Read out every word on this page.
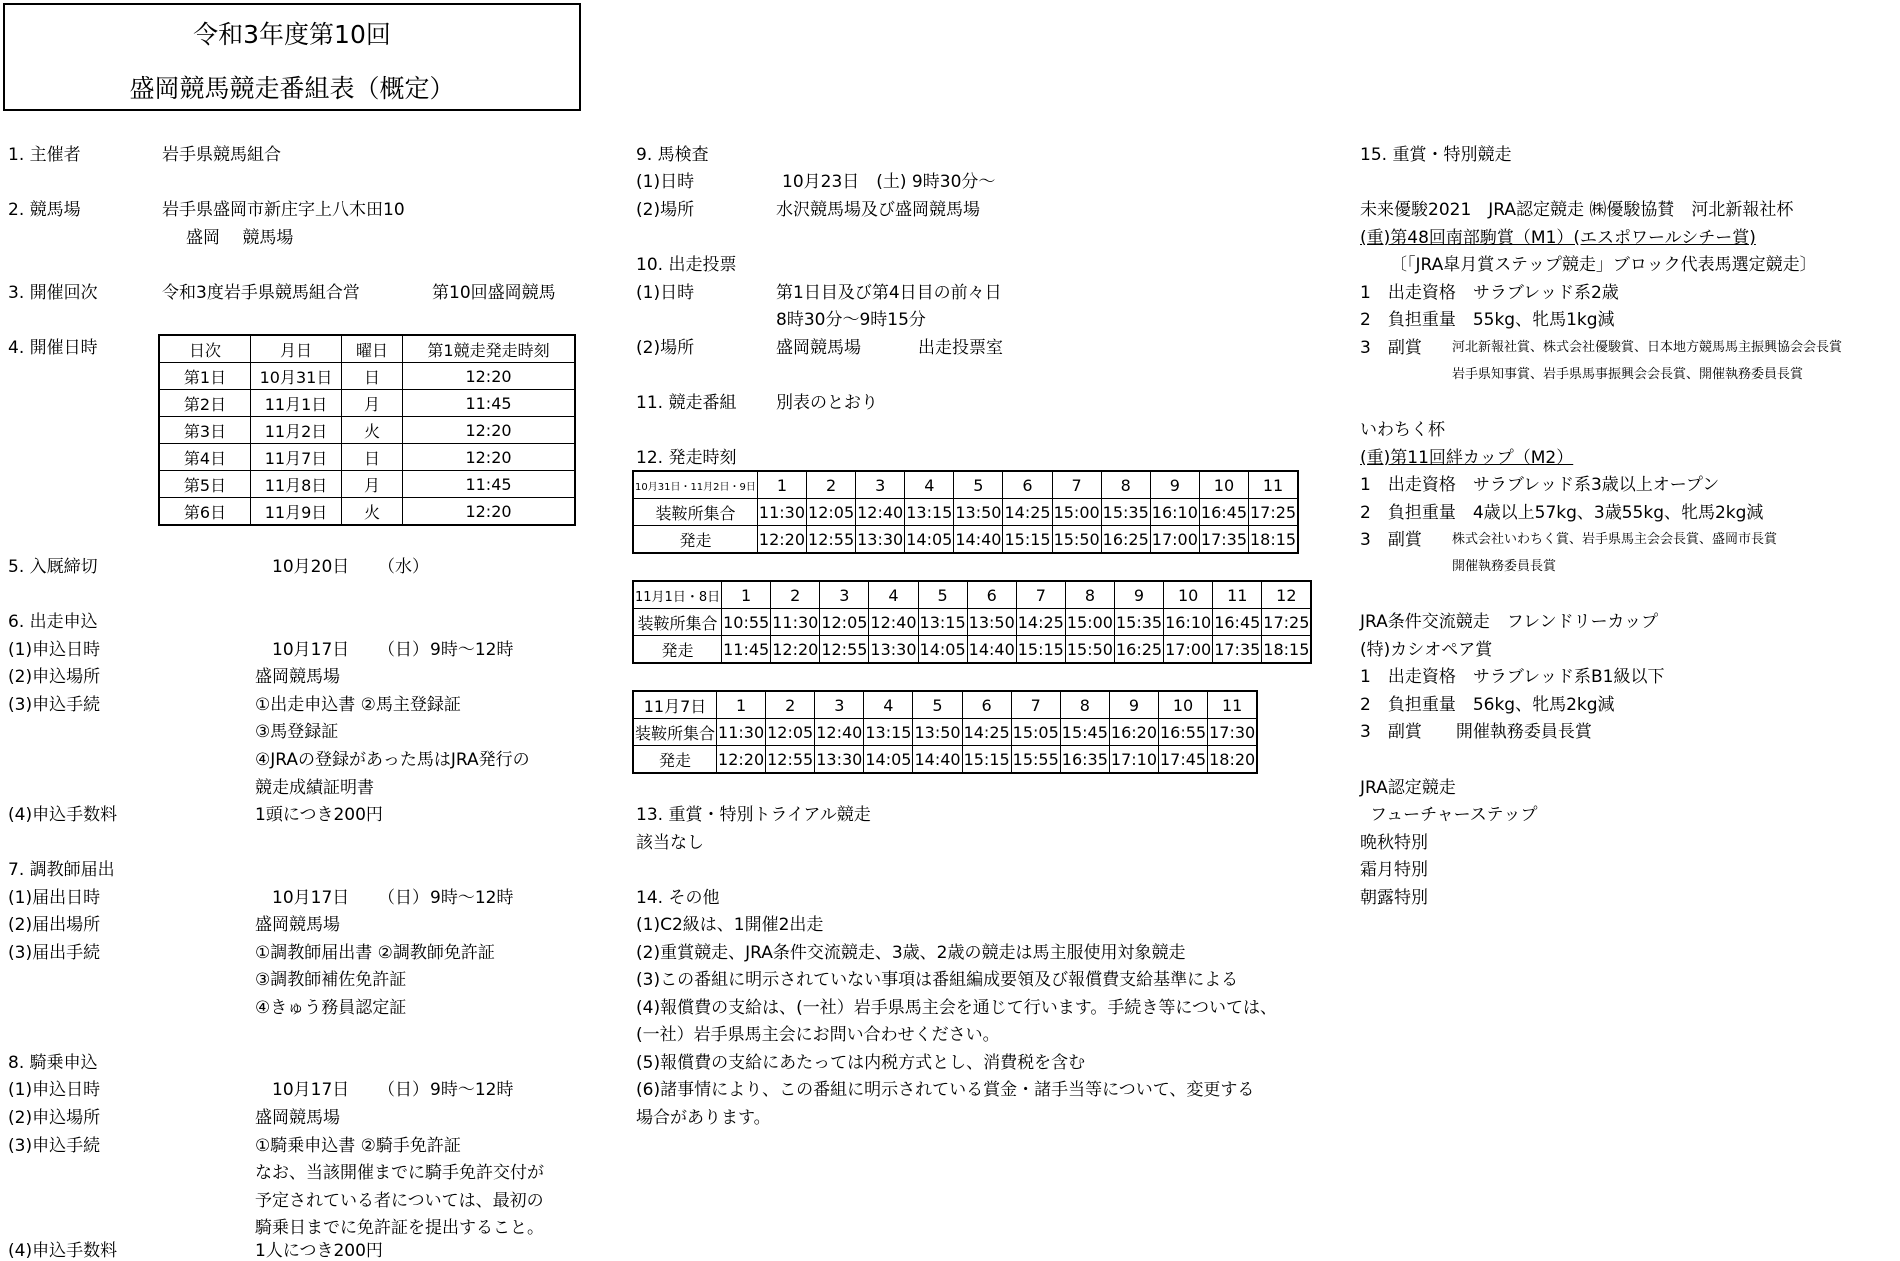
令和3年度第10回
盛岡競馬競走番組表（概定）
1. 主催者	岩手県競馬組合
2. 競馬場	岩手県盛岡市新庄字上八木田10
盛岡　 競馬場
3. 開催回次	令和3度岩手県競馬組合営	第10回盛岡競馬
4. 開催日時	日次	月日	曜日	第1競走発走時刻
第1日	10月31日	日	12:20
第2日	11月1日	月	11:45
第3日	11月2日	火	12:20
第4日	11月7日	日	12:20
第5日	11月8日	月	11:45
第6日	11月9日	火	12:20
5. 入厩締切	10月20日 （水）
6. 出走申込
(1)申込日時	10月17日 （日） 9時～12時
(2)申込場所	盛岡競馬場
(3)申込手続	①出走申込書 ②馬主登録証
③馬登録証
④JRAの登録があった馬はJRA発行の
競走成績証明書
(4)申込手数料	1頭につき200円
7. 調教師届出
(1)届出日時	10月17日 （日） 9時～12時
(2)届出場所	盛岡競馬場
(3)届出手続	①調教師届出書 ②調教師免許証
③調教師補佐免許証
④きゅう務員認定証
8. 騎乗申込
(1)申込日時	10月17日 （日） 9時～12時
(2)申込場所	盛岡競馬場
(3)申込手続	①騎乗申込書 ②騎手免許証
なお、当該開催までに騎手免許交付が
予定されている者については、最初の
騎乗日までに免許証を提出すること。
(4)申込手数料	1人につき200円
9. 馬検査
(1)日時	10月23日　(土) 9時30分～
(2)場所	水沢競馬場及び盛岡競馬場
10. 出走投票
(1)日時	第1日目及び第4日目の前々日
8時30分～9時15分
(2)場所	盛岡競馬場	出走投票室
11. 競走番組 別表のとおり
12. 発走時刻
10月31日・11月2日・9日	1	2	3	4	5	6	7	8	9	10	11
装鞍所集合	11:30	12:05	12:40	13:15	13:50	14:25	15:00	15:35	16:10	16:45	17:25
発走	12:20	12:55	13:30	14:05	14:40	15:15	15:50	16:25	17:00	17:35	18:15
11月1日・8日	1	2	3	4	5	6	7	8	9	10	11	12
装鞍所集合	10:55	11:30	12:05	12:40	13:15	13:50	14:25	15:00	15:35	16:10	16:45	17:25
発走	11:45	12:20	12:55	13:30	14:05	14:40	15:15	15:50	16:25	17:00	17:35	18:15
11月7日	1	2	3	4	5	6	7	8	9	10	11
装鞍所集合	11:30	12:05	12:40	13:15	13:50	14:25	15:05	15:45	16:20	16:55	17:30
発走	12:20	12:55	13:30	14:05	14:40	15:15	15:55	16:35	17:10	17:45	18:20
13. 重賞・特別トライアル競走
該当なし
14. その他
(1)C2級は、1開催2出走
(2)重賞競走、JRA条件交流競走、3歳、2歳の競走は馬主服使用対象競走
(3)この番組に明示されていない事項は番組編成要領及び報償費支給基準による
(4)報償費の支給は、(一社）岩手県馬主会を通じて行います。手続き等については、
(一社）岩手県馬主会にお問い合わせください。
(5)報償費の支給にあたっては内税方式とし、消費税を含む
(6)諸事情により、この番組に明示されている賞金・諸手当等について、変更する
場合があります。
15. 重賞・特別競走
未来優駿2021　JRA認定競走 ㈱優駿協賛　河北新報社杯
(重)第48回南部駒賞（M1）(エスポワールシチー賞)
〔「JRA皐月賞ステップ競走」ブロック代表馬選定競走〕
1　出走資格　サラブレッド系2歳
2　負担重量　55kg、牝馬1kg減
3　副賞 河北新報社賞、株式会社優駿賞、日本地方競馬馬主振興協会会長賞
岩手県知事賞、岩手県馬事振興会会長賞、開催執務委員長賞
いわちく杯
(重)第11回絆カップ（M2）
1　出走資格　サラブレッド系3歳以上オープン
2　負担重量　4歳以上57kg、3歳55kg、牝馬2kg減
3　副賞 株式会社いわちく賞、岩手県馬主会会長賞、盛岡市長賞
開催執務委員長賞
JRA条件交流競走　フレンドリーカップ
(特)カシオペア賞
1　出走資格　サラブレッド系B1級以下
2　負担重量　56kg、牝馬2kg減
3　副賞　　開催執務委員長賞
JRA認定競走
フューチャーステップ
晩秋特別
霜月特別
朝露特別
